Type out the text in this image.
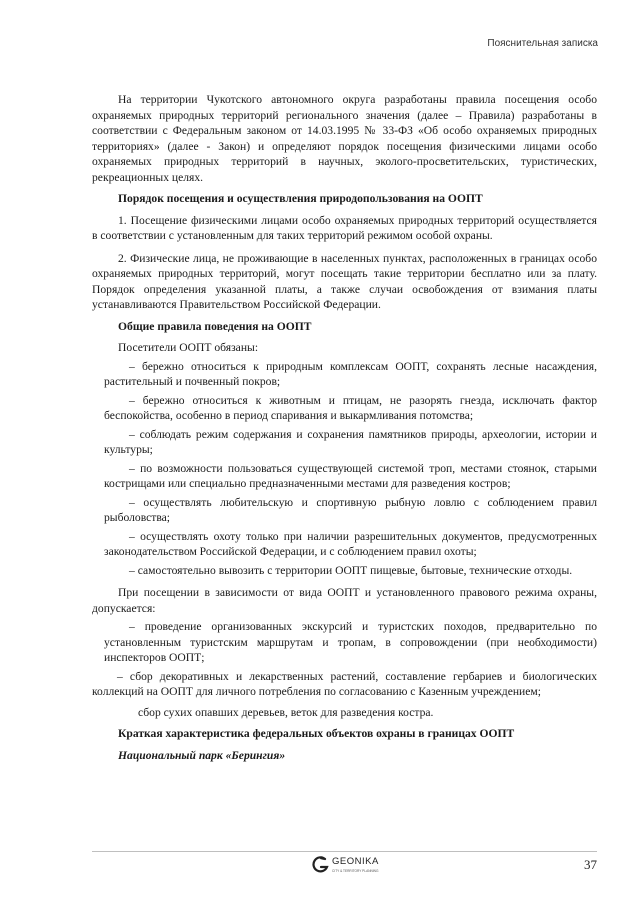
Пояснительная записка

На территории Чукотского автономного округа разработаны правила посещения особо охраняемых природных территорий регионального значения (далее – Правила) разработаны в соответствии с Федеральным законом от 14.03.1995 № 33-ФЗ «Об особо охраняемых природных территориях» (далее - Закон) и определяют порядок посещения физическими лицами особо охраняемых природных территорий в научных, эколого-просветительских, туристических, рекреационных целях.

Порядок посещения и осуществления природопользования на ООПТ

1. Посещение физическими лицами особо охраняемых природных территорий осуществляется в соответствии с установленным для таких территорий режимом особой охраны.

2. Физические лица, не проживающие в населенных пунктах, расположенных в границах особо охраняемых природных территорий, могут посещать такие территории бесплатно или за плату. Порядок определения указанной платы, а также случаи освобождения от взимания платы устанавливаются Правительством Российской Федерации.

Общие правила поведения на ООПТ

Посетители ООПТ обязаны:

– бережно относиться к природным комплексам ООПТ, сохранять лесные насаждения, растительный и почвенный покров;

– бережно относиться к животным и птицам, не разорять гнезда, исключать фактор беспокойства, особенно в период спаривания и выкармливания потомства;

– соблюдать режим содержания и сохранения памятников природы, археологии, истории и культуры;

– по возможности пользоваться существующей системой троп, местами стоянок, старыми кострищами или специально предназначенными местами для разведения костров;

– осуществлять любительскую и спортивную рыбную ловлю с соблюдением правил рыболовства;

– осуществлять охоту только при наличии разрешительных документов, предусмотренных законодательством Российской Федерации, и с соблюдением правил охоты;

– самостоятельно вывозить с территории ООПТ пищевые, бытовые, технические отходы.

При посещении в зависимости от вида ООПТ и установленного правового режима охраны, допускается:

– проведение организованных экскурсий и туристских походов, предварительно по установленным туристским маршрутам и тропам, в сопровождении (при необходимости) инспекторов ООПТ;

– сбор декоративных и лекарственных растений, составление гербариев и биологических коллекций на ООПТ для личного потребления по согласованию с Казенным учреждением;

сбор сухих опавших деревьев, веток для разведения костра.

Краткая характеристика федеральных объектов охраны в границах ООПТ

Национальный парк «Берингия»

GEONIKA
CITY & TERRITORY PLANNING	37
